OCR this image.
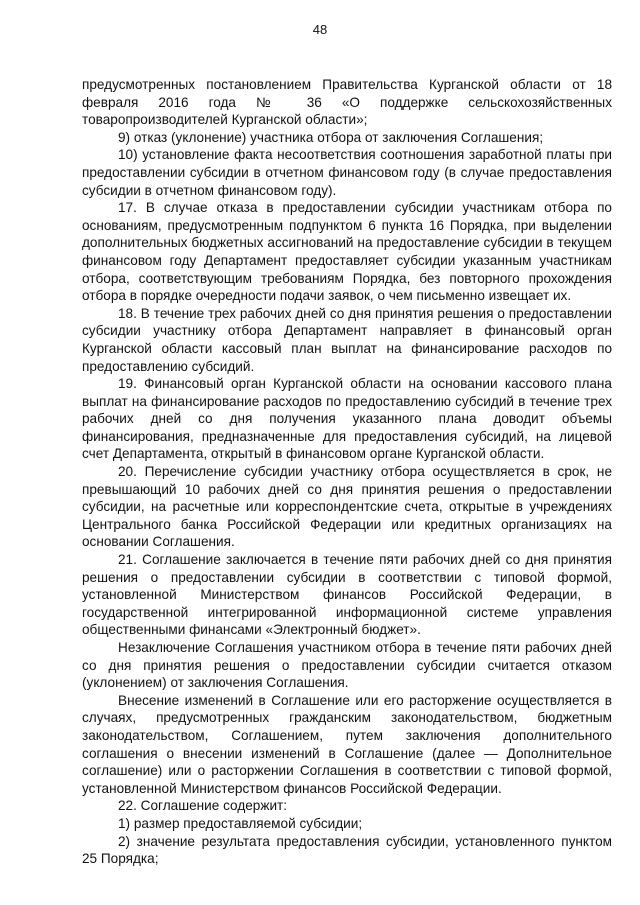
48

предусмотренных постановлением Правительства Курганской области от 18 февраля 2016 года № 36 «О поддержке сельскохозяйственных товаропроизводителей Курганской области»;

9) отказ (уклонение) участника отбора от заключения Соглашения;

10) установление факта несоответствия соотношения заработной платы при предоставлении субсидии в отчетном финансовом году (в случае предоставления субсидии в отчетном финансовом году).

17. В случае отказа в предоставлении субсидии участникам отбора по основаниям, предусмотренным подпунктом 6 пункта 16 Порядка, при выделении дополнительных бюджетных ассигнований на предоставление субсидии в текущем финансовом году Департамент предоставляет субсидии указанным участникам отбора, соответствующим требованиям Порядка, без повторного прохождения отбора в порядке очередности подачи заявок, о чем письменно извещает их.

18. В течение трех рабочих дней со дня принятия решения о предоставлении субсидии участнику отбора Департамент направляет в финансовый орган Курганской области кассовый план выплат на финансирование расходов по предоставлению субсидий.

19. Финансовый орган Курганской области на основании кассового плана выплат на финансирование расходов по предоставлению субсидий в течение трех рабочих дней со дня получения указанного плана доводит объемы финансирования, предназначенные для предоставления субсидий, на лицевой счет Департамента, открытый в финансовом органе Курганской области.

20. Перечисление субсидии участнику отбора осуществляется в срок, не превышающий 10 рабочих дней со дня принятия решения о предоставлении субсидии, на расчетные или корреспондентские счета, открытые в учреждениях Центрального банка Российской Федерации или кредитных организациях на основании Соглашения.

21. Соглашение заключается в течение пяти рабочих дней со дня принятия решения о предоставлении субсидии в соответствии с типовой формой, установленной Министерством финансов Российской Федерации, в государственной интегрированной информационной системе управления общественными финансами «Электронный бюджет».

Незаключение Соглашения участником отбора в течение пяти рабочих дней со дня принятия решения о предоставлении субсидии считается отказом (уклонением) от заключения Соглашения.

Внесение изменений в Соглашение или его расторжение осуществляется в случаях, предусмотренных гражданским законодательством, бюджетным законодательством, Соглашением, путем заключения дополнительного соглашения о внесении изменений в Соглашение (далее — Дополнительное соглашение) или о расторжении Соглашения в соответствии с типовой формой, установленной Министерством финансов Российской Федерации.

22. Соглашение содержит:

1) размер предоставляемой субсидии;

2) значение результата предоставления субсидии, установленного пунктом 25 Порядка;
